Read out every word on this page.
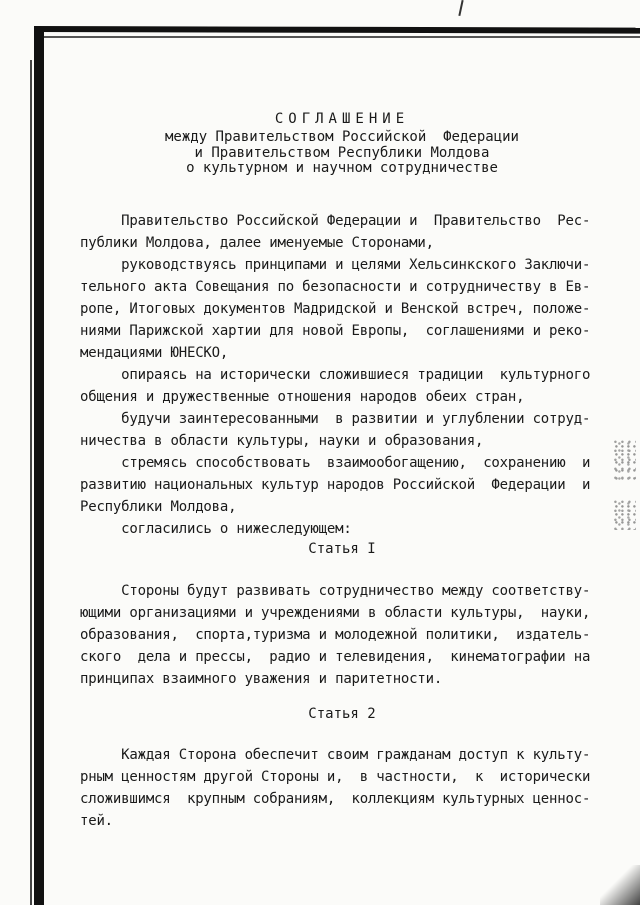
СОГЛАШЕНИЕ
между Правительством Российской  Федерации
и Правительством Республики Молдова
о культурном и научном сотрудничестве
Правительство Российской Федерации и  Правительство  Рес-
публики Молдова, далее именуемые Сторонами,
руководствуясь принципами и целями Хельсинкского Заключи-
тельного акта Совещания по безопасности и сотрудничеству в Ев-
ропе, Итоговых документов Мадридской и Венской встреч, положе-
ниями Парижской хартии для новой Европы,  соглашениями и реко-
мендациями ЮНЕСКО,
опираясь на исторически сложившиеся традиции  культурного
общения и дружественные отношения народов обеих стран,
будучи заинтересованными  в развитии и углублении сотруд-
ничества в области культуры, науки и образования,
стремясь способствовать  взаимообогащению,  сохранению  и
развитию национальных культур народов Российской  Федерации  и
Республики Молдова,
согласились о нижеследующем:
Статья I
Стороны будут развивать сотрудничество между соответству-
ющими организациями и учреждениями в области культуры,  науки,
образования,  спорта,туризма и молодежной политики,  издатель-
ского  дела и прессы,  радио и телевидения,  кинематографии на
принципах взаимного уважения и паритетности.
Статья 2
Каждая Сторона обеспечит своим гражданам доступ к культу-
рным ценностям другой Стороны и,  в частности,  к  исторически
сложившимся  крупным собраниям,  коллекциям культурных ценнос-
тей.
